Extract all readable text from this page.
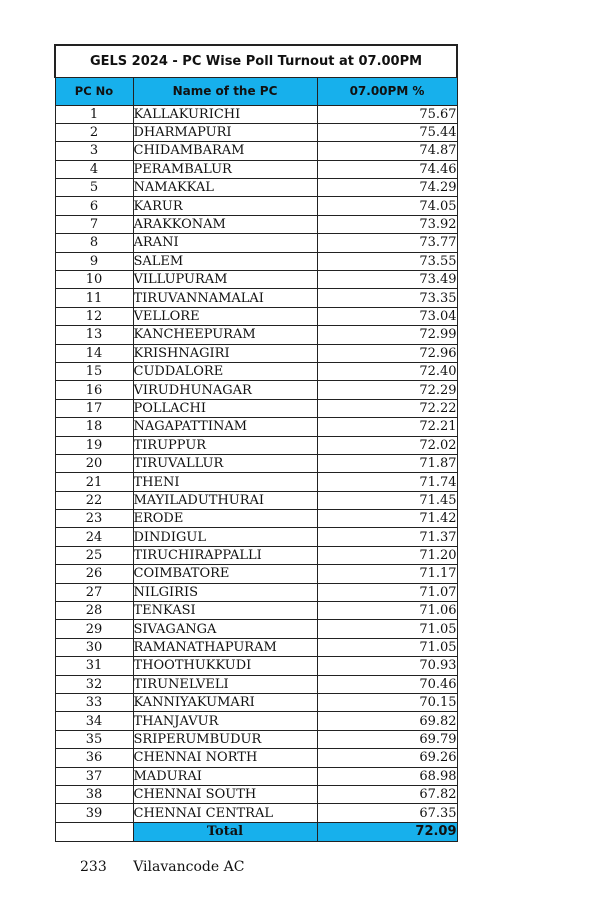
GELS 2024 - PC Wise Poll Turnout at 07.00PM		
PC No	Name of the PC	07.00PM %
1	KALLAKURICHI	75.67
2	DHARMAPURI	75.44
3	CHIDAMBARAM	74.87
4	PERAMBALUR	74.46
5	NAMAKKAL	74.29
6	KARUR	74.05
7	ARAKKONAM	73.92
8	ARANI	73.77
9	SALEM	73.55
10	VILLUPURAM	73.49
11	TIRUVANNAMALAI	73.35
12	VELLORE	73.04
13	KANCHEEPURAM	72.99
14	KRISHNAGIRI	72.96
15	CUDDALORE	72.40
16	VIRUDHUNAGAR	72.29
17	POLLACHI	72.22
18	NAGAPATTINAM	72.21
19	TIRUPPUR	72.02
20	TIRUVALLUR	71.87
21	THENI	71.74
22	MAYILADUTHURAI	71.45
23	ERODE	71.42
24	DINDIGUL	71.37
25	TIRUCHIRAPPALLI	71.20
26	COIMBATORE	71.17
27	NILGIRIS	71.07
28	TENKASI	71.06
29	SIVAGANGA	71.05
30	RAMANATHAPURAM	71.05
31	THOOTHUKKUDI	70.93
32	TIRUNELVELI	70.46
33	KANNIYAKUMARI	70.15
34	THANJAVUR	69.82
35	SRIPERUMBUDUR	69.79
36	CHENNAI NORTH	69.26
37	MADURAI	68.98
38	CHENNAI SOUTH	67.82
39	CHENNAI CENTRAL	67.35
	Total	72.09
233 Vilavancode AC
